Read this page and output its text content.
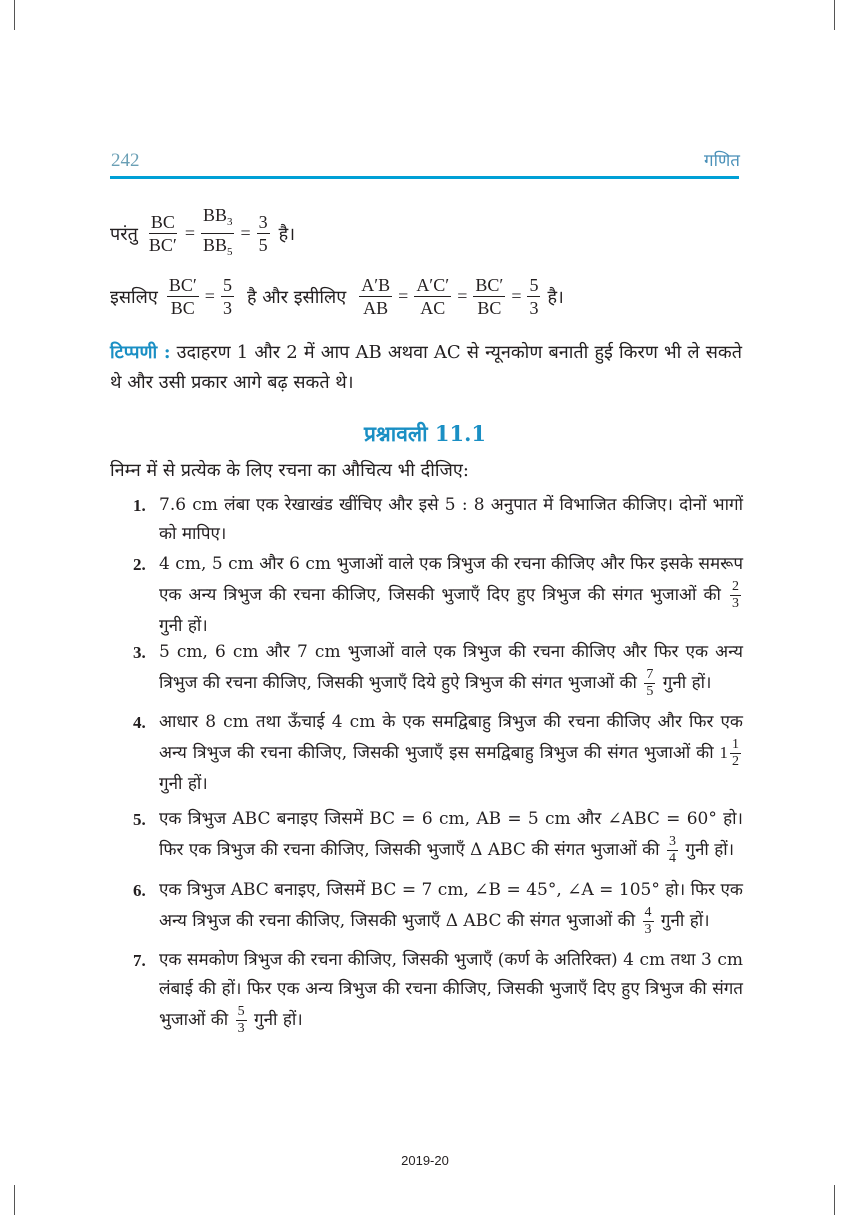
242	गणित
परंतु $\frac{BC}{BC'} = \frac{BB_3}{BB_5} = \frac{3}{5}$ है।
इसलिए $\frac{BC'}{BC} = \frac{5}{3}$ है और इसीलिए $\frac{A'B}{AB} = \frac{A'C'}{AC} = \frac{BC'}{BC} = \frac{5}{3}$ है।
टिप्पणी : उदाहरण 1 और 2 में आप AB अथवा AC से न्यूनकोण बनाती हुई किरण भी ले सकते थे और उसी प्रकार आगे बढ़ सकते थे।
प्रश्नावली 11.1
निम्न में से प्रत्येक के लिए रचना का औचित्य भी दीजिए:
1. 7.6 cm लंबा एक रेखाखंड खींचिए और इसे 5 : 8 अनुपात में विभाजित कीजिए। दोनों भागों को मापिए।
2. 4 cm, 5 cm और 6 cm भुजाओं वाले एक त्रिभुज की रचना कीजिए और फिर इसके समरूप एक अन्य त्रिभुज की रचना कीजिए, जिसकी भुजाएँ दिए हुए त्रिभुज की संगत भुजाओं की $\frac{2}{3}$
गुनी हों।
3. 5 cm, 6 cm और 7 cm भुजाओं वाले एक त्रिभुज की रचना कीजिए और फिर एक अन्य त्रिभुज की रचना कीजिए, जिसकी भुजाएँ दिये हुऐ त्रिभुज की संगत भुजाओं की $\frac{7}{5}$ गुनी हों।
4. आधार 8 cm तथा ऊँचाई 4 cm के एक समद्विबाहु त्रिभुज की रचना कीजिए और फिर एक अन्य त्रिभुज की रचना कीजिए, जिसकी भुजाएँ इस समद्विबाहु त्रिभुज की संगत भुजाओं की $1 \frac{1}{2}$
गुनी हों।
5. एक त्रिभुज ABC बनाइए जिसमें BC = 6 cm, AB = 5 cm और ∠ABC = 60° हो। फिर एक त्रिभुज की रचना कीजिए, जिसकी भुजाएँ Δ ABC की संगत भुजाओं की $\frac{3}{4}$ गुनी हों।
6. एक त्रिभुज ABC बनाइए, जिसमें BC = 7 cm, ∠B = 45°, ∠A = 105° हो। फिर एक अन्य त्रिभुज की रचना कीजिए, जिसकी भुजाएँ Δ ABC की संगत भुजाओं की $\frac{4}{3}$ गुनी हों।
7. एक समकोण त्रिभुज की रचना कीजिए, जिसकी भुजाएँ (कर्ण के अतिरिक्त) 4 cm तथा 3 cm लंबाई की हों। फिर एक अन्य त्रिभुज की रचना कीजिए, जिसकी भुजाएँ दिए हुए त्रिभुज की संगत भुजाओं की $\frac{5}{3}$ गुनी हों।
2019-20
